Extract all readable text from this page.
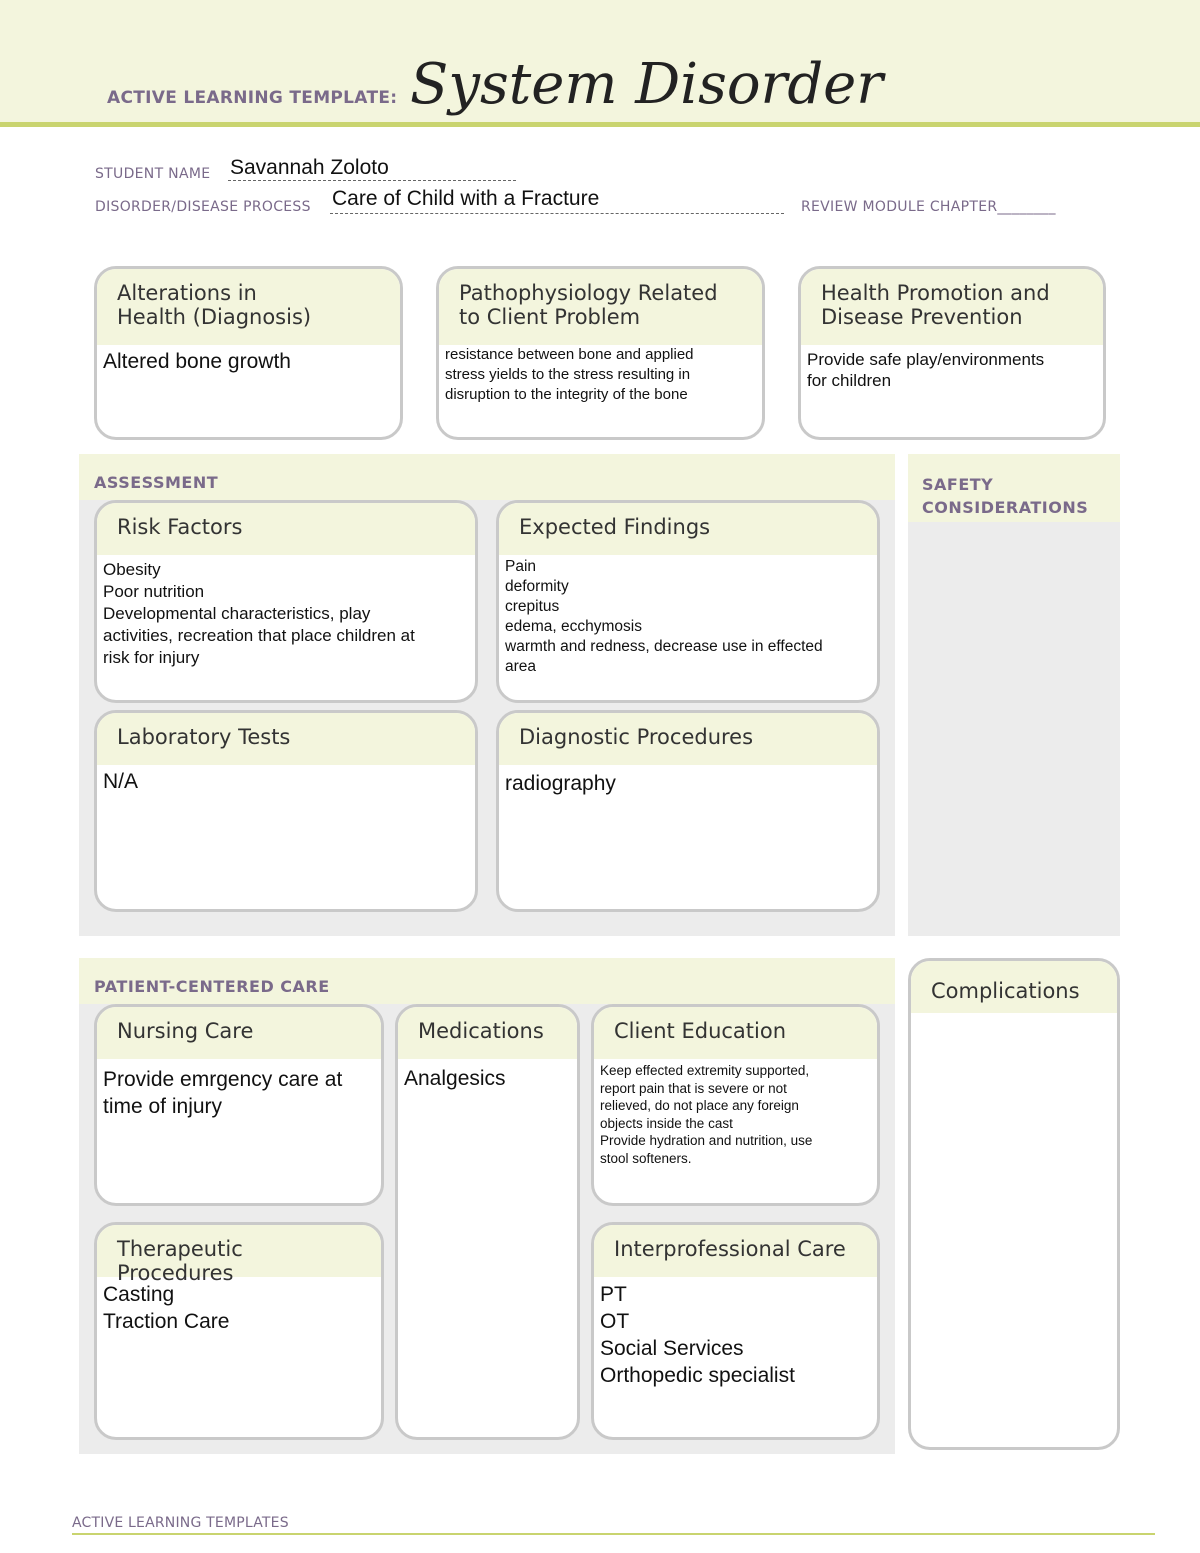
ACTIVE LEARNING TEMPLATE: System Disorder
STUDENT NAME Savannah Zoloto
DISORDER/DISEASE PROCESS Care of Child with a Fracture	REVIEW MODULE CHAPTER________
Alterations in
Health (Diagnosis)
Altered bone growth
Pathophysiology Related
to Client Problem
resistance between bone and applied
stress yields to the stress resulting in
disruption to the integrity of the bone
Health Promotion and
Disease Prevention
Provide safe play/environments
for children
ASSESSMENT
Risk Factors
Obesity
Poor nutrition
Developmental characteristics, play
activities, recreation that place children at
risk for injury
Expected Findings
Pain
deformity
crepitus
edema, ecchymosis
warmth and redness, decrease use in effected
area
Laboratory Tests
N/A
Diagnostic Procedures
radiography
SAFETY
CONSIDERATIONS
PATIENT-CENTERED CARE
Nursing Care
Provide emrgency care at
time of injury
Medications
Analgesics
Client Education
Keep effected extremity supported,
report pain that is severe or not
relieved, do not place any foreign
objects inside the cast
Provide hydration and nutrition, use
stool softeners.
Therapeutic Procedures
Casting
Traction Care
Interprofessional Care
PT
OT
Social Services
Orthopedic specialist
Complications
ACTIVE LEARNING TEMPLATES
